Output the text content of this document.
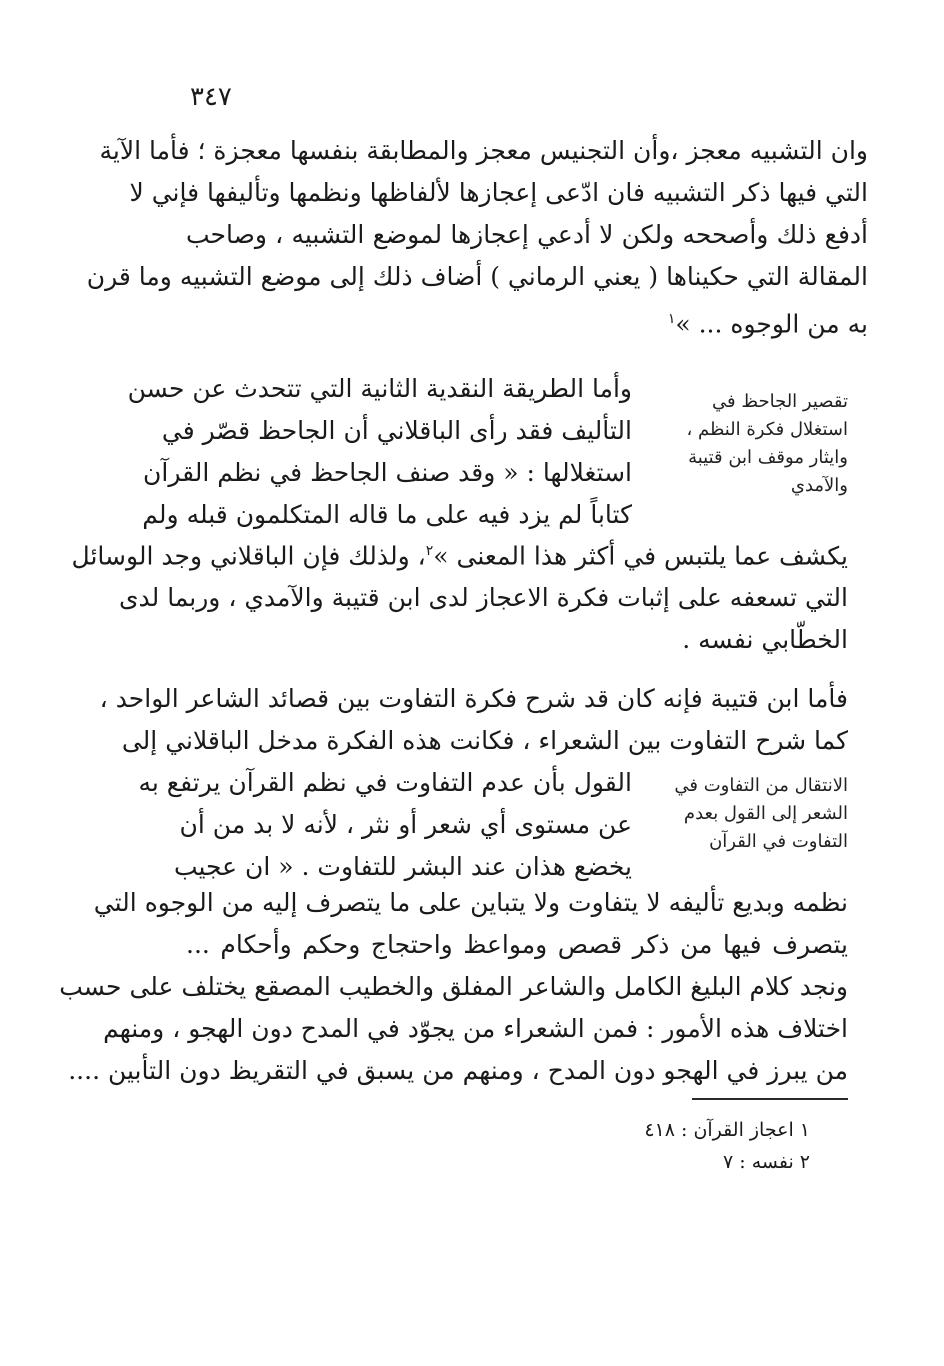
٣٤٧
وان التشبيه معجز ،وأن التجنيس معجز والمطابقة بنفسها معجزة ؛ فأما الآية
التي فيها ذكر التشبيه فان ادّعى إعجازها لألفاظها ونظمها وتأليفها فإني لا
أدفع ذلك وأصححه ولكن لا أدعي إعجازها لموضع التشبيه ، وصاحب
المقالة التي حكيناها ( يعني الرماني ) أضاف ذلك إلى موضع التشبيه وما قرن
به من الوجوه ... »$^١$
تقصير الجاحظ في
استغلال فكرة النظم ،
وايثار موقف ابن قتيبة
والآمدي
وأما الطريقة النقدية الثانية التي تتحدث عن حسن
التأليف فقد رأى الباقلاني أن الجاحظ قصّر في
استغلالها : « وقد صنف الجاحظ في نظم القرآن
كتاباً لم يزد فيه على ما قاله المتكلمون قبله ولم
يكشف عما يلتبس في أكثر هذا المعنى »$^٢$، ولذلك فإن الباقلاني وجد الوسائل
التي تسعفه على إثبات فكرة الاعجاز لدى ابن قتيبة والآمدي ، وربما لدى
الخطّابي نفسه .
فأما ابن قتيبة فإنه كان قد شرح فكرة التفاوت بين قصائد الشاعر الواحد ،
كما شرح التفاوت بين الشعراء ، فكانت هذه الفكرة مدخل الباقلاني إلى
الانتقال من التفاوت في
الشعر إلى القول بعدم
التفاوت في القرآن
القول بأن عدم التفاوت في نظم القرآن يرتفع به
عن مستوى أي شعر أو نثر ، لأنه لا بد من أن
يخضع هذان عند البشر للتفاوت . « ان عجيب
نظمه وبديع تأليفه لا يتفاوت ولا يتباين على ما يتصرف إليه من الوجوه التي
يتصرف فيها من ذكر قصص ومواعظ واحتجاج وحكم وأحكام ...
ونجد كلام البليغ الكامل والشاعر المفلق والخطيب المصقع يختلف على حسب
اختلاف هذه الأمور : فمن الشعراء من يجوّد في المدح دون الهجو ، ومنهم
من يبرز في الهجو دون المدح ، ومنهم من يسبق في التقريظ دون التأبين ....
١ اعجاز القرآن : ٤١٨
٢ نفسه : ٧
